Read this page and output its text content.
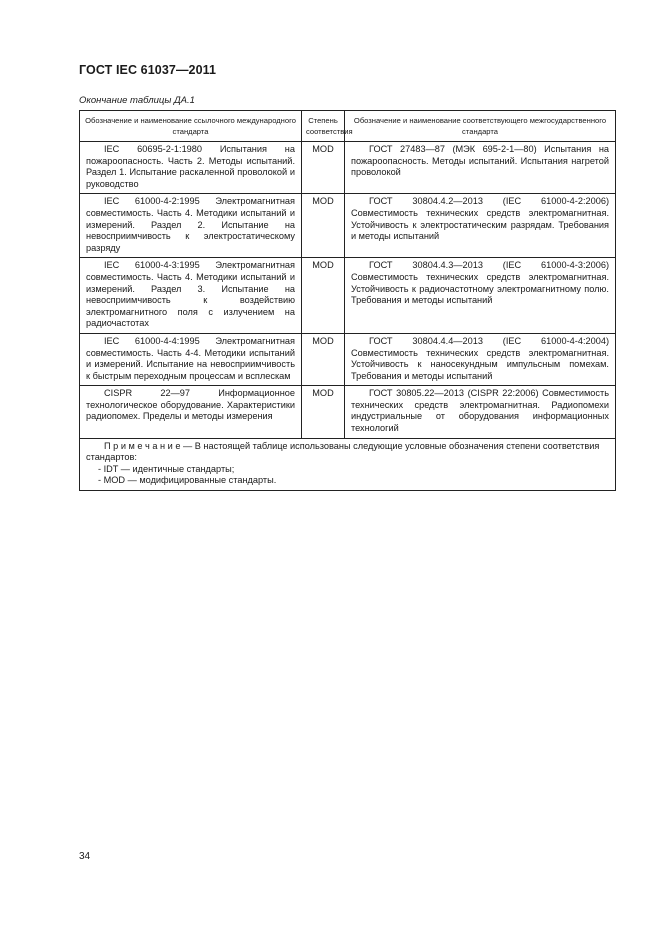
ГОСТ IEC 61037—2011
Окончание таблицы ДА.1
Обозначение и наименование ссылочного международного стандарта	Степень соответствия	Обозначение и наименование соответствующего межгосударственного стандарта
IEC 60695-2-1:1980 Испытания на пожароопасность. Часть 2. Методы испытаний. Раздел 1. Испытание раскаленной проволокой и руководство	MOD	ГОСТ 27483—87 (МЭК 695-2-1—80) Испытания на пожароопасность. Методы испытаний. Испытания нагретой проволокой
IEC 61000-4-2:1995 Электромагнитная совместимость. Часть 4. Методики испытаний и измерений. Раздел 2. Испытание на невосприимчивость к электростатическому разряду	MOD	ГОСТ 30804.4.2—2013 (IEC 61000-4-2:2006) Совместимость технических средств электромагнитная. Устойчивость к электростатическим разрядам. Требования и методы испытаний
IEC 61000-4-3:1995 Электромагнитная совместимость. Часть 4. Методики испытаний и измерений. Раздел 3. Испытание на невосприимчивость к воздействию электромагнитного поля с излучением на радиочастотах	MOD	ГОСТ 30804.4.3—2013 (IEC 61000-4-3:2006) Совместимость технических средств электромагнитная. Устойчивость к радиочастотному электромагнитному полю. Требования и методы испытаний
IEC 61000-4-4:1995 Электромагнитная совместимость. Часть 4-4. Методики испытаний и измерений. Испытание на невосприимчивость к быстрым переходным процессам и всплескам	MOD	ГОСТ 30804.4.4—2013 (IEC 61000-4-4:2004) Совместимость технических средств электромагнитная. Устойчивость к наносекундным импульсным помехам. Требования и методы испытаний
CISPR 22—97 Информационное технологическое оборудование. Характеристики радиопомех. Пределы и методы измерения	MOD	ГОСТ 30805.22—2013 (CISPR 22:2006) Совместимость технических средств электромагнитная. Радиопомехи индустриальные от оборудования информационных технологий

П р и м е ч а н и е — В настоящей таблице использованы следующие условные обозначения степени соответствия стандартов:
- IDT — идентичные стандарты;
- MOD — модифицированные стандарты.		
34
